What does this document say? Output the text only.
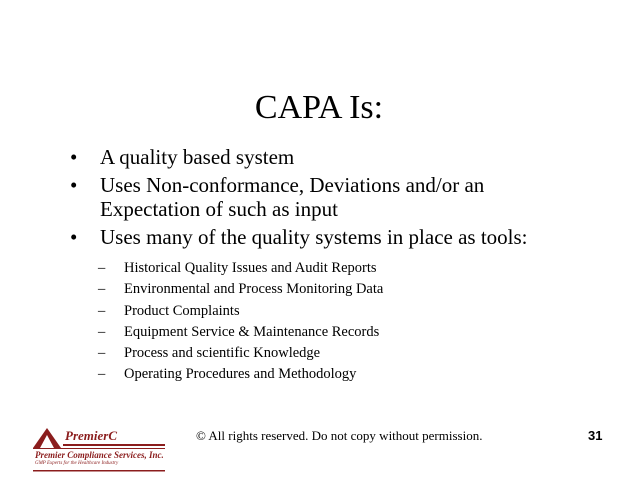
CAPA Is:
• A quality based system
• Uses Non-conformance, Deviations and/or an
Expectation of such as input
• Uses many of the quality systems in place as tools:
– Historical Quality Issues and Audit Reports
– Environmental and Process Monitoring Data
– Product Complaints
– Equipment Service & Maintenance Records
– Process and scientific Knowledge
– Operating Procedures and Methodology
PremierC
Premier Compliance Services, Inc.
GMP Experts for the Healthcare Industry
© All rights reserved. Do not copy without permission.	31
